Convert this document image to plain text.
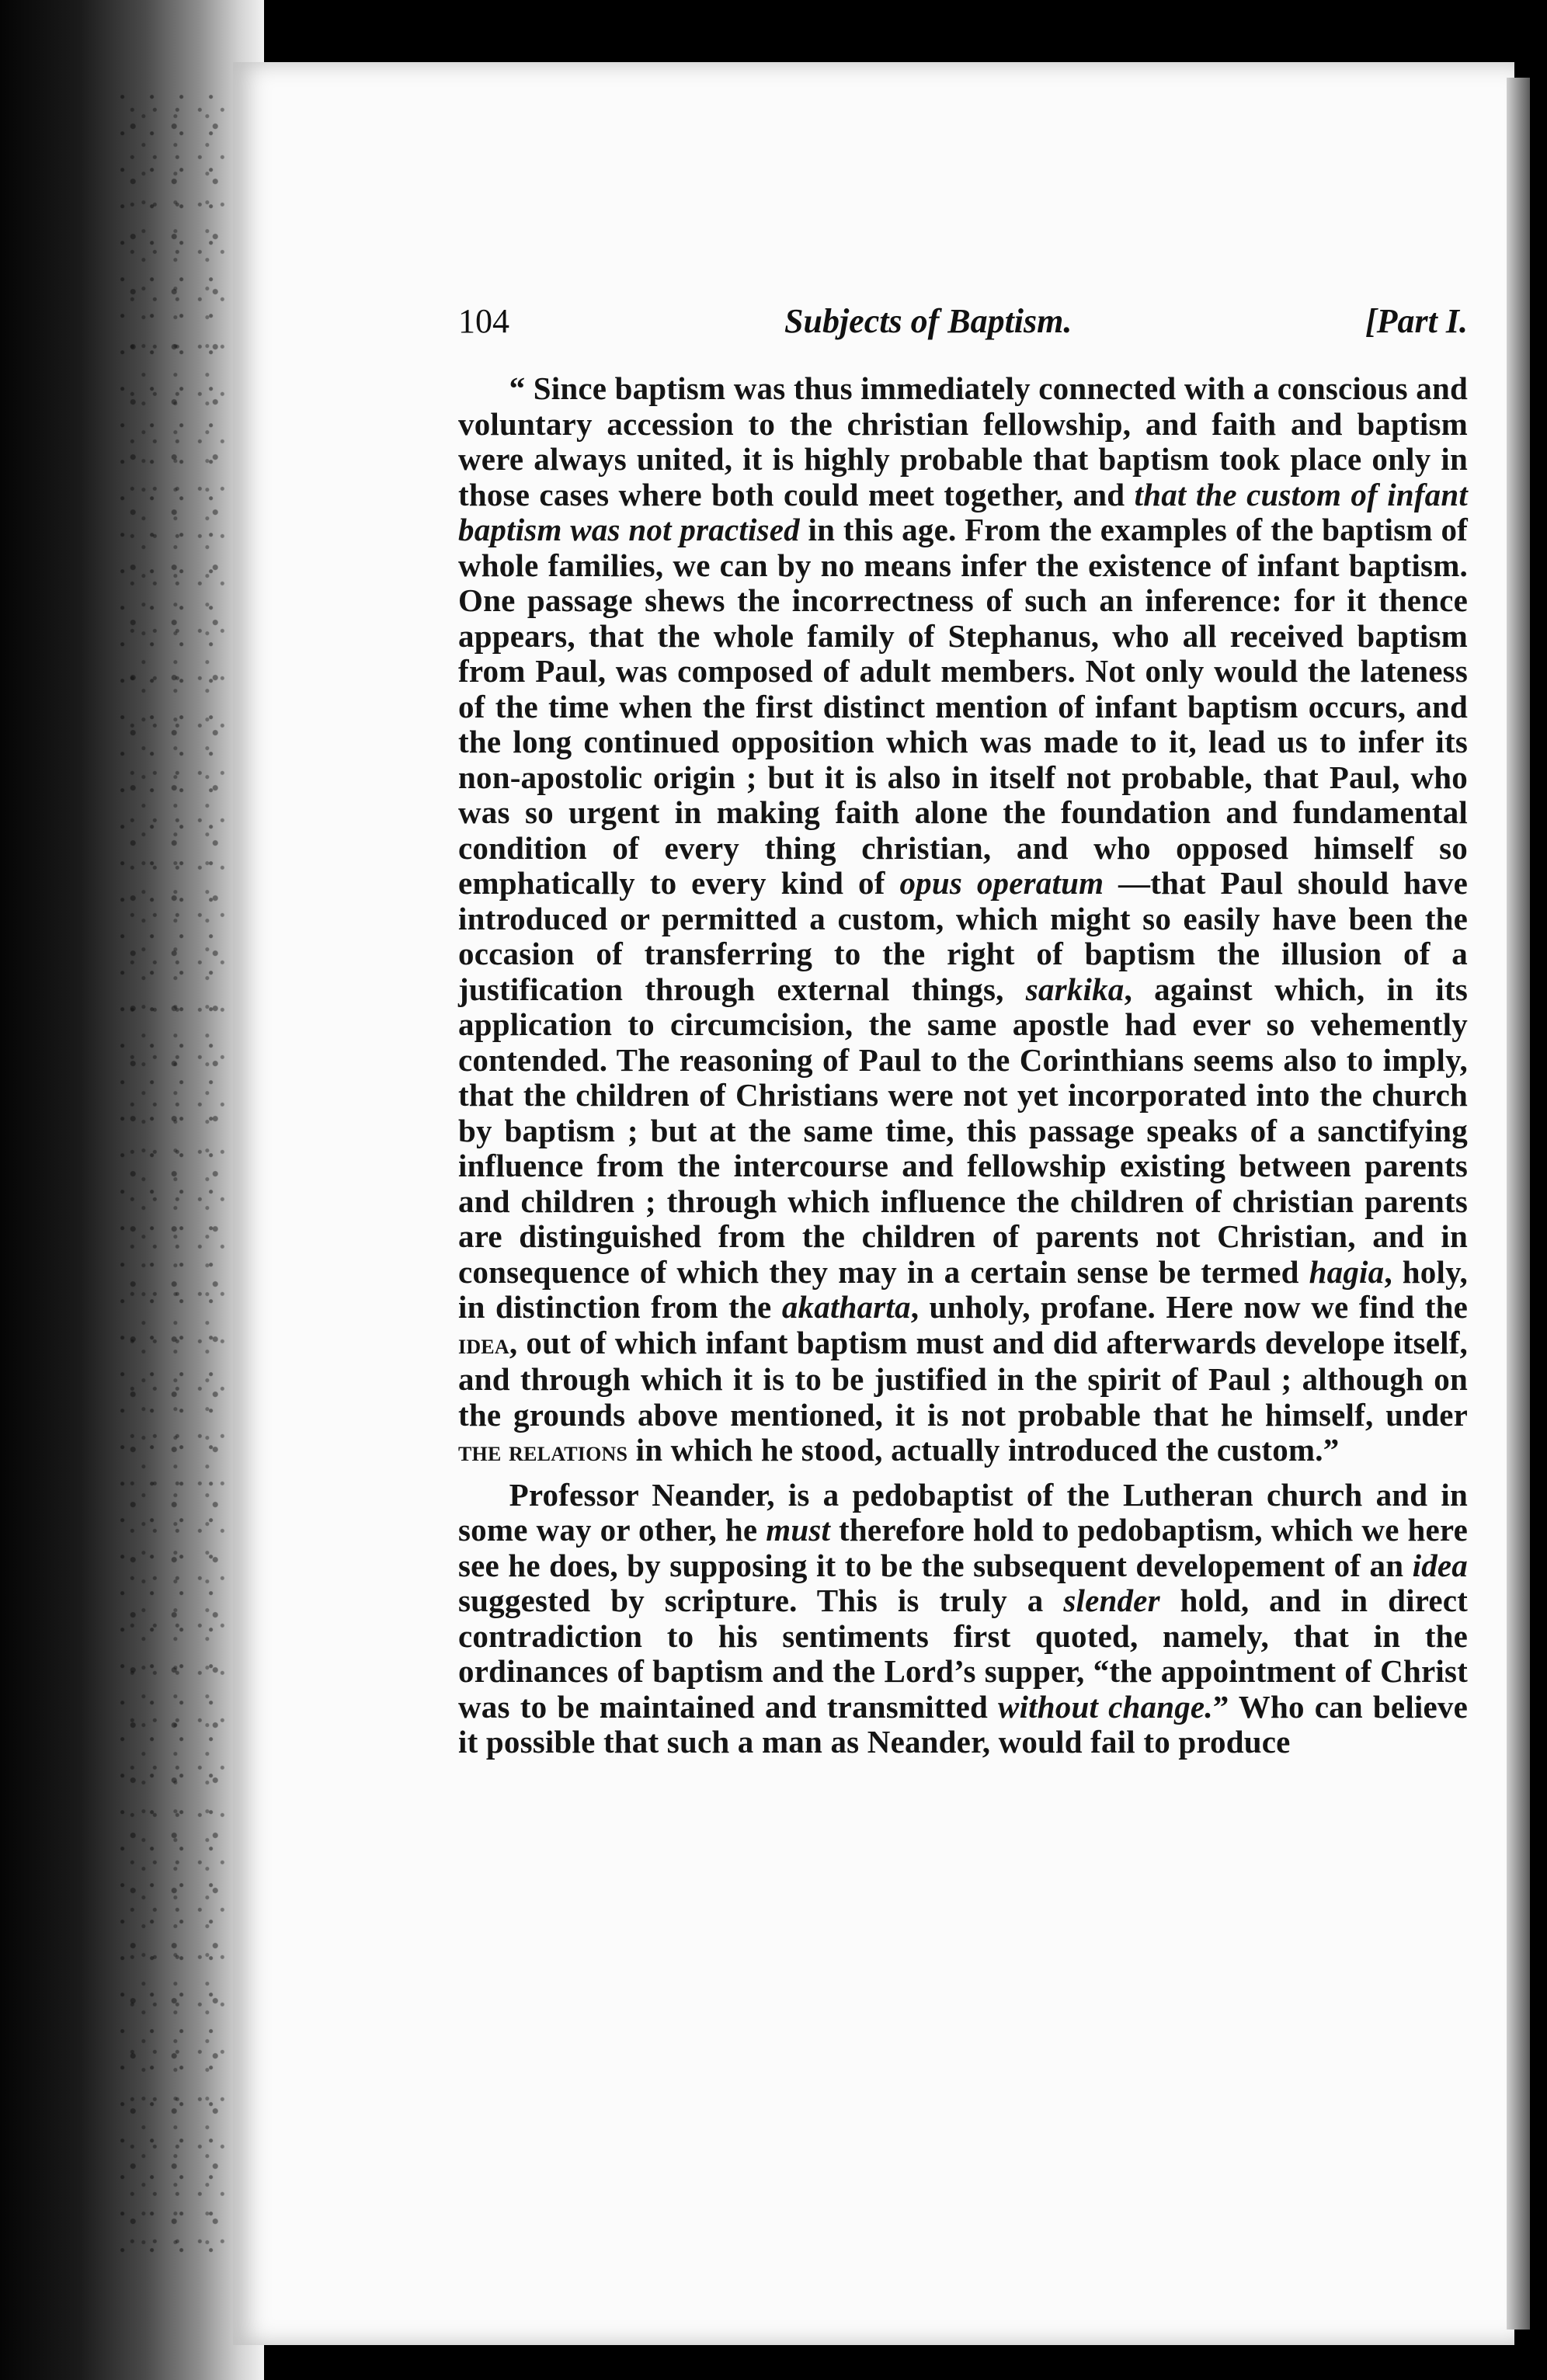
104	Subjects of Baptism.	[Part I.

“ Since baptism was thus immediately connected with a conscious and voluntary accession to the christian fellowship, and faith and baptism were always united, it is highly probable that baptism took place only in those cases where both could meet together, and that the custom of infant baptism was not practised in this age. From the examples of the baptism of whole families, we can by no means infer the existence of infant baptism. One passage shews the incorrectness of such an inference: for it thence appears, that the whole family of Stephanus, who all received baptism from Paul, was composed of adult members. Not only would the lateness of the time when the first distinct mention of infant baptism occurs, and the long continued opposition which was made to it, lead us to infer its non-apostolic origin ; but it is also in itself not probable, that Paul, who was so urgent in making faith alone the foundation and fundamental condition of every thing christian, and who opposed himself so emphatically to every kind of opus operatum —that Paul should have introduced or permitted a custom, which might so easily have been the occasion of transferring to the right of baptism the illusion of a justification through external things, sarkika, against which, in its application to circumcision, the same apostle had ever so vehemently contended. The reasoning of Paul to the Corinthians seems also to imply, that the children of Christians were not yet incorporated into the church by baptism ; but at the same time, this passage speaks of a sanctifying influence from the intercourse and fellowship existing between parents and children ; through which influence the children of christian parents are distinguished from the children of parents not Christian, and in consequence of which they may in a certain sense be termed hagia, holy, in distinction from the akatharta, unholy, profane. Here now we find the idea, out of which infant baptism must and did afterwards develope itself, and through which it is to be justified in the spirit of Paul ; although on the grounds above mentioned, it is not probable that he himself, under the relations in which he stood, actually introduced the custom.”

Professor Neander, is a pedobaptist of the Lutheran church and in some way or other, he must therefore hold to pedobaptism, which we here see he does, by supposing it to be the subsequent developement of an idea suggested by scripture. This is truly a slender hold, and in direct contradiction to his sentiments first quoted, namely, that in the ordinances of baptism and the Lord’s supper, “the appointment of Christ was to be maintained and transmitted without change.” Who can believe it possible that such a man as Neander, would fail to produce
